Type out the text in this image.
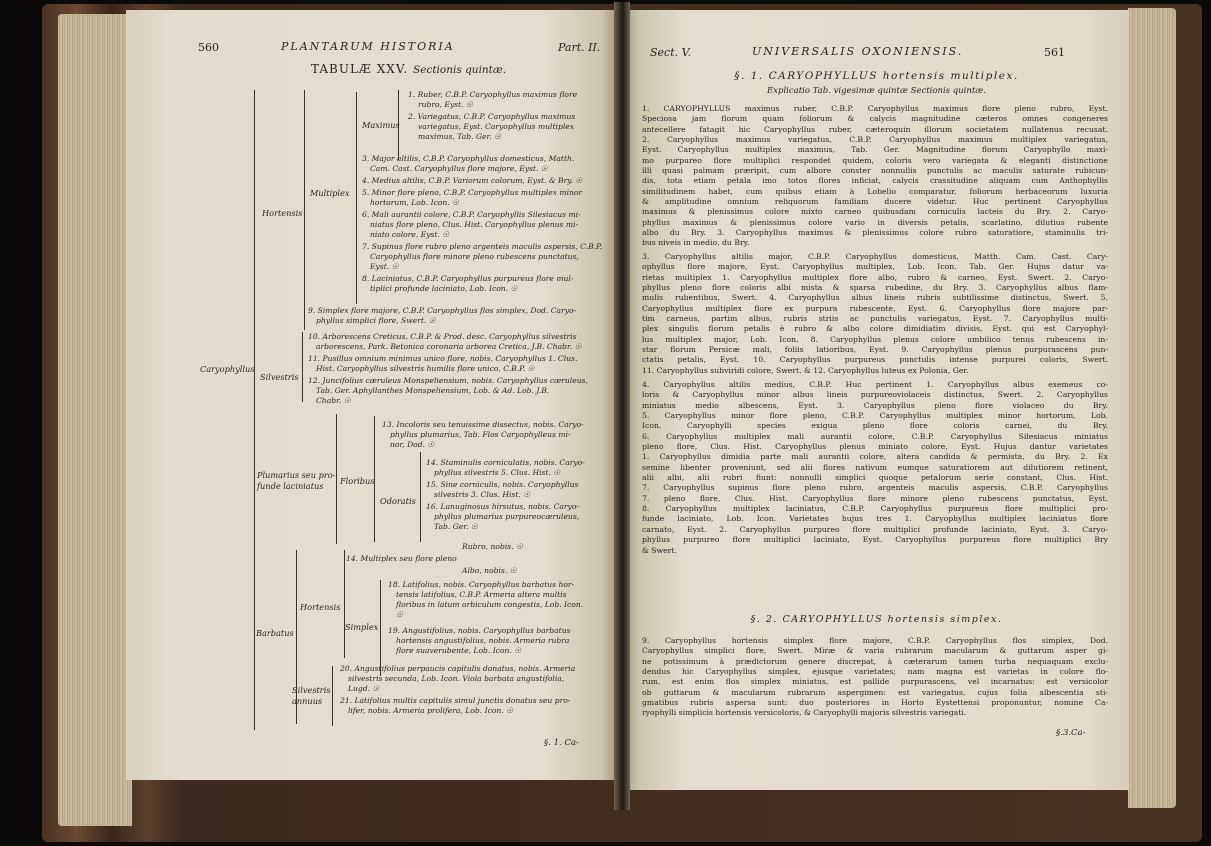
560	PLANTARUM HISTORIA	Part. II.
TABULÆ XXV. Sectionis quintæ.
Caryophyllus
Hortensis
Multiplex
Maximus
Silvestris
Plumarius seu pro-
funde laciniatus Floribus
Odoratis
Barbatus
Hortensis
Simplex
Silvestris
annuus
1. Ruber, C.B.P. Caryophyllus maximus flore
rubro, Eyst. ☉
2. Variegatus, C.B.P. Caryophyllus maximus
variegatus, Eyst. Caryophyllus multiplex
maximus, Tab. Ger. ☉
3. Major altilis, C.B.P. Caryophyllus domesticus, Matth.
Cam. Cast. Caryophyllus flore majore, Eyst. ☉
4. Medius altilis, C.B.P. Variorum colorum, Eyst. & Bry. ☉
5. Minor flore pleno, C.B.P. Caryophyllus multiplex minor
hortorum, Lob. Icon. ☉
6. Mali aurantii colore, C.B.P. Caryophyllis Silesiacus mi-
niatus flore pleno, Clus. Hist. Caryophyllus plenus mi-
niato colore, Eyst. ☉
7. Supinus flore rubro pleno argenteis maculis aspersis, C.B.P.
Caryophyllus flore minore pleno rubescens punctatus,
Eyst. ☉
8. Laciniatus, C.B.P. Caryophyllus purpureus flore mul-
tiplici profunde laciniato, Lob. Icon. ☉
9. Simplex flore majore, C.B.P. Caryophyllus flos simplex, Dod. Caryo-
phyllus simplici flore, Swert. ☉
10. Arborescens Creticus, C.B.P. & Prod. desc. Caryophyllus silvestris
arborescens, Park. Betonica coronaria arborea Cretica, J.B. Chabr. ☉
11. Pusillus omnium minimus unico flore, nobis. Caryophyllus 1. Clus.
Hist. Caryophyllus silvestris humilis flore unico, C.B.P. ☉
12. Juncifolius cæruleus Monspeliensium, nobis. Caryophyllus cæruleus,
Tab. Ger. Aphyllanthes Monspeliensium, Lob. & Ad. Lob. J.B.
Chabr. ☉
13. Incoloris seu tenuissime dissectus, nobis. Caryo-
phyllus plumarius, Tab. Flos Caryophylleus mi-
nor, Dod. ☉
14. Staminulis corniculatis, nobis. Caryo-
phyllus silvestris 5. Clus. Hist. ☉
15. Sine corniculis, nobis. Caryophyllus
silvestris 3. Clus. Hist. ☉
16. Lanuginosus hirsutus, nobis. Caryo-
phyllus plumarius purpureocæruleus,
Tab. Ger. ☉
Rubro, nobis. ☉
14. Multiplex seu flore pleno
Albo, nobis. ☉
18. Latifolius, nobis. Caryophyllus barbatus hor-
tensis latifolius, C.B.P. Armeria altera multis
floribus in latum orbiculum congestis, Lob. Icon.
☉
19. Angustifolius, nobis. Caryophyllus barbatus
hortensis angustifolius, nobis. Armeria rubra
flore suaverubente, Lob. Icon. ☉
20. Angustifolius perpaucis capitulis donatus, nobis. Armeria
silvestris secunda, Lob. Icon. Viola barbata angustifolia,
Lugd. ☉
21. Latifolius multis capitulis simul junctis donatus seu pro-
lifer, nobis. Armeria prolifera, Lob. Icon. ☉
§. 1. Ca-
Sect. V.	UNIVERSALIS OXONIENSIS.	561
§. 1. CARYOPHYLLUS hortensis multiplex.
Explicatio Tab. vigesimæ quintæ Sectionis quintæ.
1. CARYOPHYLLUS maximus ruber, C.B.P. Caryophyllus maximus flore pleno rubro, Eyst.
Speciosa jam florum quam foliorum & calycis magnitudine cæteros omnes congeneres
antecellere fatagit hic Caryophyllus ruber, cæteroquin illorum societatem nullatenus recusat.
2. Caryophyllus maximus variegatus, C.B.P. Caryophyllus maximus multiplex variegatus,
Eyst. Caryophyllus multiplex maximus, Tab. Ger. Magnitudine florum Caryophyllo maxi-
mo purpureo flore multiplici respondet quidem, coloris vero variegata & eleganti distinctione
illi quasi palmam præripit, cum albore conster nonnullis punctulis ac maculis saturate rubicun-
dis, tota etiam petala imo totos flores inficiat, calycis crassitudine aliquam cum Anthophyllis
similitudinem habet, cum quibus etiam à Lobelio comparatur, foliorum herbaceorum luxuria
& amplitudine omnium reliquorum familiam ducere videtur. Huc pertinent Caryophyllus
maximus & plenissimus colore mixto carneo quibusdam corniculis lacteis du Bry. 2. Caryo-
phyllus maximus & plenissimus colore vario in diversis petalis, scarlatino, dilutius rubente
albo du Bry. 3. Caryophyllus maximus & plenissimus colore rubro saturatiore, staminulis tri-
bus niveis in medio, du Bry.
3. Caryophyllus altilis major, C.B.P. Caryophyllus domesticus, Matth. Cam. Cast. Cary-
ophyllus flore majore, Eyst. Caryophyllus multiplex, Lob. Icon. Tab. Ger. Hujus datur va-
rietas multiplex 1. Caryophyllus multiplex flore albo, rubro & carneo, Eyst. Swert. 2. Caryo-
phyllus pleno flore coloris albi mista & sparsa rubedine, du Bry. 3. Caryophyllus albus flam-
mulis rubentibus, Swert. 4. Caryophyllus albus lineis rubris subtilissime distinctus, Swert. 5.
Caryophyllus multiplex flore ex purpura rubescente, Eyst. 6. Caryophyllus flore majore par-
tim carneus, partim albus, rubris striis ac punctulis variegatus, Eyst. 7. Caryophyllus multi-
plex singulis florum petalis è rubro & albo colore dimidiatim divisis, Eyst. qui est Caryophyl-
lus multiplex major, Lob. Icon. 8. Caryophyllus plenus colore umbilico tenus rubescens in-
star florum Persicæ mali, foliis latioribus, Eyst. 9. Caryophyllus plenus purpurascens pun-
ctatis petalis, Eyst. 10. Caryophyllus purpureus punctulis intense purpurei coloris, Swert.
11. Caryophyllus subviridi colore, Swert. & 12. Caryophyllus luteus ex Polonia, Ger.
4. Caryophyllus altilis medius, C.B.P. Huc pertinent 1. Caryophyllus albus exemeus co-
loris & Caryophyllus minor albus lineis purpureoviolaceis distinctus, Swert. 2. Caryophyllus
miniatus medio albescens, Eyst. 3. Caryophyllus pleno flore violaceo du Bry.
5. Caryophyllus minor flore pleno, C.B.P. Caryophyllus multiplex minor hortorum, Lob.
Icon. Caryophylli species exigua pleno flore coloris carnei, du Bry.
6. Caryophyllus multiplex mali aurantii colore, C.B.P. Caryophyllus Silesiacus miniatus
pleno flore, Clus. Hist. Caryophyllus plenus miniato colore, Eyst. Hujus dantur varietates
1. Caryophyllus dimidia parte mali aurantii colore, altera candida & permista, du Bry. 2. Ex
semine libenter proveniunt, sed alii flores nativum eumque saturatiorem aut dilutiorem retinent,
alii albi, alii rubri fiunt: nonnulli simplici quoque petalorum serie constant, Clus. Hist.
7. Caryophyllus supinus flore pleno rubro, argenteis maculis aspersis, C.B.P. Caryophyllus
7. pleno flore, Clus. Hist. Caryophyllus flore minore pleno rubescens punctatus, Eyst.
8. Caryophyllus multiplex laciniatus, C.B.P. Caryophyllus purpureus flore multiplici pro-
funde laciniato, Lob. Icon. Varietates hujus tres 1. Caryophyllus multiplex laciniatus flore
carnato, Eyst. 2. Caryophyllus purpureo flore multiplici profunde laciniato, Eyst. 3. Caryo-
phyllus purpureo flore multiplici laciniato, Eyst. Caryophyllus purpureus flore multiplici Bry
& Swert.
§. 2. CARYOPHYLLUS hortensis simplex.
9. Caryophyllus hortensis simplex flore majore, C.B.P. Caryophyllus flos simplex, Dod.
Caryophyllus simplici flore, Swert. Miræ & varia rubrarum macularum & guttarum asper gi-
ne potissimum à prædictorum genere discrepat, à cæterarum tamen turba nequaquam exclu-
dendus hic Caryophyllus simplex, ejusque varietates; nam magna est varietas in colore flo-
rum, est enim flos simplex miniatus, est pallide purpurascens, vel incarnatus: est versicolor
ob guttarum & macularum rubrarum aspergimen: est variegatus, cujus folia albescentia sti-
gmatibus rubris aspersa sunt: duo posteriores in Horto Eystettensi proponuntur, nomine Ca-
ryophylli simplicis hortensis versicoloris, & Caryophylli majoris silvestris variegati.
§.3.Ca-
